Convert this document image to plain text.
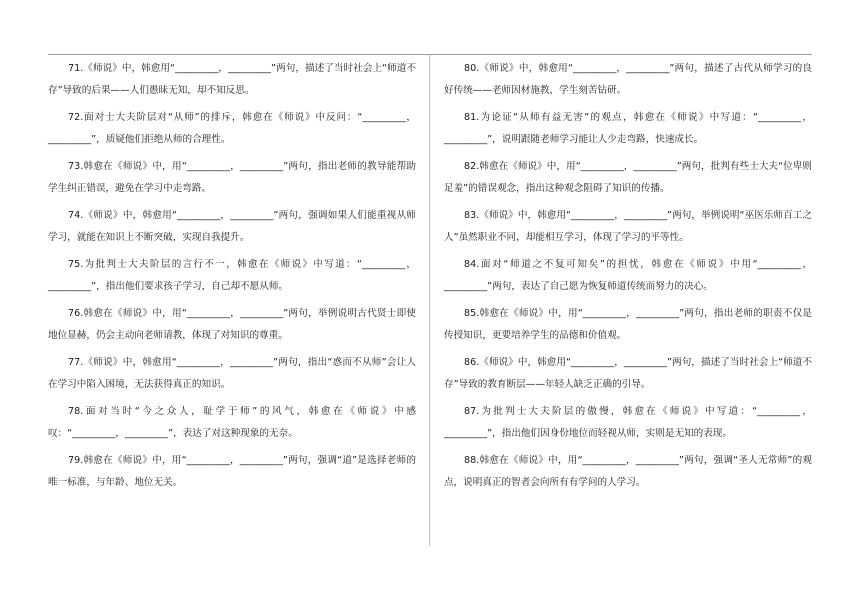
71.《师说》中，韩愈用“_________，_________”两句，描述了当时社会上“师道不存”导致的后果——人们愚昧无知，却不知反思。

72.面对士大夫阶层对“从师”的排斥，韩愈在《师说》中反问：“_________，_________”，质疑他们拒绝从师的合理性。

73.韩愈在《师说》中，用“_________，_________”两句，指出老师的教导能帮助学生纠正错误，避免在学习中走弯路。

74.《师说》中，韩愈用“_________，_________”两句，强调如果人们能重视从师学习，就能在知识上不断突破，实现自我提升。

75.为批判士大夫阶层的言行不一，韩愈在《师说》中写道：“_________，_________”，指出他们要求孩子学习，自己却不愿从师。

76.韩愈在《师说》中，用“_________，_________”两句，举例说明古代贤士即使地位显赫，仍会主动向老师请教，体现了对知识的尊重。

77.《师说》中，韩愈用“_________，_________”两句，指出“惑而不从师”会让人在学习中陷入困境，无法获得真正的知识。

78.面对当时“今之众人，耻学于师”的风气，韩愈在《师说》中感叹：“_________，_________”，表达了对这种现象的无奈。

79.韩愈在《师说》中，用“_________，_________”两句，强调“道”是选择老师的唯一标准，与年龄、地位无关。

80.《师说》中，韩愈用“_________，_________”两句，描述了古代从师学习的良好传统——老师因材施教，学生刻苦钻研。

81.为论证“从师有益无害”的观点，韩愈在《师说》中写道：“_________，_________”，说明跟随老师学习能让人少走弯路，快速成长。

82.韩愈在《师说》中，用“_________，_________”两句，批判有些士大夫“位卑则足羞”的错误观念，指出这种观念阻碍了知识的传播。

83.《师说》中，韩愈用“_________，_________”两句，举例说明“巫医乐师百工之人”虽然职业不同，却能相互学习，体现了学习的平等性。

84.面对“师道之不复可知矣”的担忧，韩愈在《师说》中用“_________，_________”两句，表达了自己愿为恢复师道传统而努力的决心。

85.韩愈在《师说》中，用“_________，_________”两句，指出老师的职责不仅是传授知识，更要培养学生的品德和价值观。

86.《师说》中，韩愈用“_________，_________”两句，描述了当时社会上“师道不存”导致的教育断层——年轻人缺乏正确的引导。

87.为批判士大夫阶层的傲慢，韩愈在《师说》中写道：“_________，_________”，指出他们因身份地位而轻视从师，实则是无知的表现。

88.韩愈在《师说》中，用“_________，_________”两句，强调“圣人无常师”的观点，说明真正的智者会向所有有学问的人学习。
